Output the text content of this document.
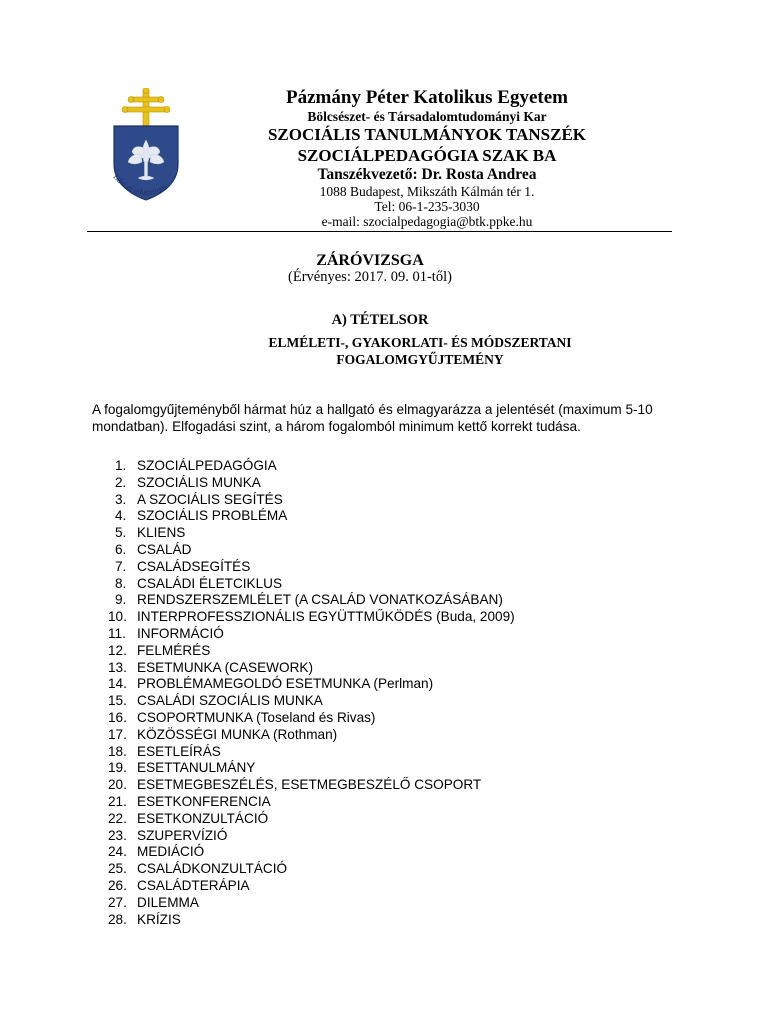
fidei et educationi
Pázmány Péter Katolikus Egyetem
Bölcsészet- és Társadalomtudományi Kar
SZOCIÁLIS TANULMÁNYOK TANSZÉK
SZOCIÁLPEDAGÓGIA SZAK BA
Tanszékvezető: Dr. Rosta Andrea
1088 Budapest, Mikszáth Kálmán tér 1.
Tel: 06-1-235-3030
e-mail: szocialpedagogia@btk.ppke.hu
ZÁRÓVIZSGA
(Érvényes: 2017. 09. 01-től)
A) TÉTELSOR
ELMÉLETI-, GYAKORLATI- ÉS MÓDSZERTANI
FOGALOMGYŰJTEMÉNY
A fogalomgyűjteményből hármat húz a hallgató és elmagyarázza a jelentését (maximum 5-10
mondatban). Elfogadási szint, a három fogalomból minimum kettő korrekt tudása.
1. SZOCIÁLPEDAGÓGIA
2. SZOCIÁLIS MUNKA
3. A SZOCIÁLIS SEGÍTÉS
4. SZOCIÁLIS PROBLÉMA
5. KLIENS
6. CSALÁD
7. CSALÁDSEGÍTÉS
8. CSALÁDI ÉLETCIKLUS
9. RENDSZERSZEMLÉLET (A CSALÁD VONATKOZÁSÁBAN)
10. INTERPROFESSZIONÁLIS EGYÜTTMŰKÖDÉS (Buda, 2009)
11. INFORMÁCIÓ
12. FELMÉRÉS
13. ESETMUNKA (CASEWORK)
14. PROBLÉMAMEGOLDÓ ESETMUNKA (Perlman)
15. CSALÁDI SZOCIÁLIS MUNKA
16. CSOPORTMUNKA (Toseland és Rivas)
17. KÖZÖSSÉGI MUNKA (Rothman)
18. ESETLEÍRÁS
19. ESETTANULMÁNY
20. ESETMEGBESZÉLÉS, ESETMEGBESZÉLŐ CSOPORT
21. ESETKONFERENCIA
22. ESETKONZULTÁCIÓ
23. SZUPERVÍZIÓ
24. MEDIÁCIÓ
25. CSALÁDKONZULTÁCIÓ
26. CSALÁDTERÁPIA
27. DILEMMA
28. KRÍZIS
